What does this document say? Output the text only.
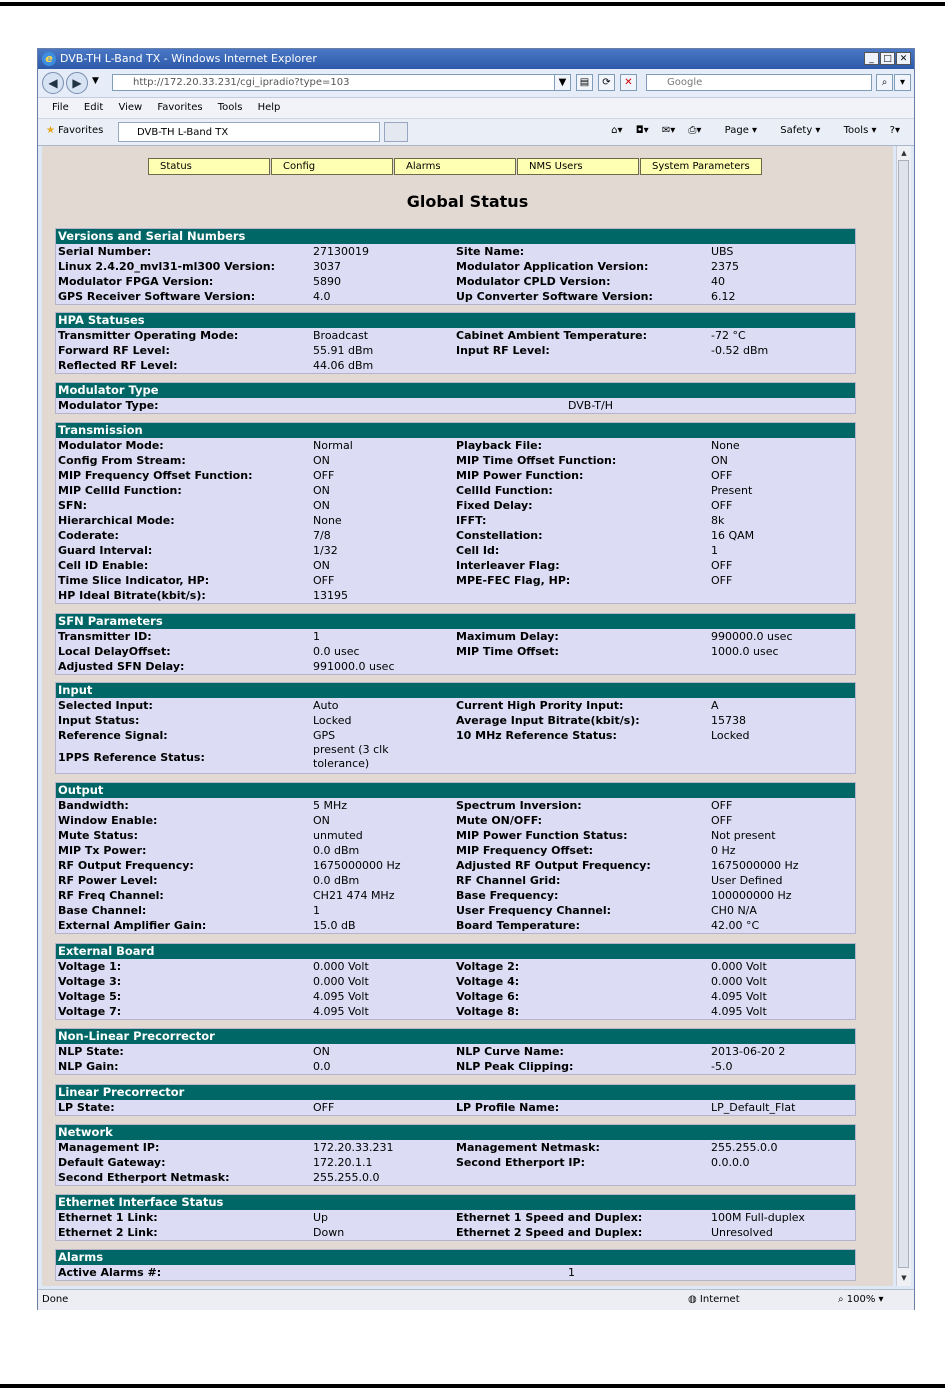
e DVB-TH L-Band TX - Windows Internet Explorer	_	□ ✕
◀	▶	▼	http://172.20.33.231/cgi_ipradio?type=103	▼	▤	⟳	✕	Google	⌕	▾
File Edit View Favorites Tools Help
★ Favorites	DVB-TH L-Band TX	⌂▾ ◘▾ ✉▾ ⎙▾ Page ▾ Safety ▾ Tools ▾ ?▾
Status	Config	Alarms	NMS Users	System Parameters
Global Status
Versions and Serial Numbers
Serial Number:	27130019	Site Name:	UBS
Linux 2.4.20_mvl31-ml300 Version:	3037	Modulator Application Version:	2375
Modulator FPGA Version:	5890	Modulator CPLD Version:	40
GPS Receiver Software Version:	4.0	Up Converter Software Version:	6.12
HPA Statuses
Transmitter Operating Mode:	Broadcast	Cabinet Ambient Temperature:	-72 °C
Forward RF Level:	55.91 dBm	Input RF Level:	-0.52 dBm
Reflected RF Level:	44.06 dBm
Modulator Type
Modulator Type:	DVB-T/H
Transmission
Modulator Mode:	Normal	Playback File:	None
Config From Stream:	ON	MIP Time Offset Function:	ON
MIP Frequency Offset Function:	OFF	MIP Power Function:	OFF
MIP CellId Function:	ON	CellId Function:	Present
SFN:	ON	Fixed Delay:	OFF
Hierarchical Mode:	None	IFFT:	8k
Coderate:	7/8	Constellation:	16 QAM
Guard Interval:	1/32	Cell Id:	1
Cell ID Enable:	ON	Interleaver Flag:	OFF
Time Slice Indicator, HP:	OFF	MPE-FEC Flag, HP:	OFF
HP Ideal Bitrate(kbit/s):	13195
SFN Parameters
Transmitter ID:	1	Maximum Delay:	990000.0 usec
Local DelayOffset:	0.0 usec	MIP Time Offset:	1000.0 usec
Adjusted SFN Delay:	991000.0 usec
Input
Selected Input:	Auto	Current High Prority Input:	A
Input Status:	Locked	Average Input Bitrate(kbit/s):	15738
Reference Signal:	GPS	10 MHz Reference Status:	Locked
1PPS Reference Status:
present (3 clk
tolerance)
Output
Bandwidth:	5 MHz	Spectrum Inversion:	OFF
Window Enable:	ON	Mute ON/OFF:	OFF
Mute Status:	unmuted	MIP Power Function Status:	Not present
MIP Tx Power:	0.0 dBm	MIP Frequency Offset:	0 Hz
RF Output Frequency:	1675000000 Hz	Adjusted RF Output Frequency:	1675000000 Hz
RF Power Level:	0.0 dBm	RF Channel Grid:	User Defined
RF Freq Channel:	CH21 474 MHz	Base Frequency:	100000000 Hz
Base Channel:	1	User Frequency Channel:	CH0 N/A
External Amplifier Gain:	15.0 dB	Board Temperature:	42.00 °C
External Board
Voltage 1:	0.000 Volt	Voltage 2:	0.000 Volt
Voltage 3:	0.000 Volt	Voltage 4:	0.000 Volt
Voltage 5:	4.095 Volt	Voltage 6:	4.095 Volt
Voltage 7:	4.095 Volt	Voltage 8:	4.095 Volt
Non-Linear Precorrector
NLP State:	ON	NLP Curve Name:	2013-06-20 2
NLP Gain:	0.0	NLP Peak Clipping:	-5.0
Linear Precorrector
LP State:	OFF	LP Profile Name:	LP_Default_Flat
Network
Management IP:	172.20.33.231	Management Netmask:	255.255.0.0
Default Gateway:	172.20.1.1	Second Etherport IP:	0.0.0.0
Second Etherport Netmask:	255.255.0.0
Ethernet Interface Status
Ethernet 1 Link:	Up	Ethernet 1 Speed and Duplex:	100M Full-duplex
Ethernet 2 Link:	Down	Ethernet 2 Speed and Duplex:	Unresolved
Alarms
Active Alarms #:	1
▲
▼
Done	◍ Internet	⌕ 100% ▾
